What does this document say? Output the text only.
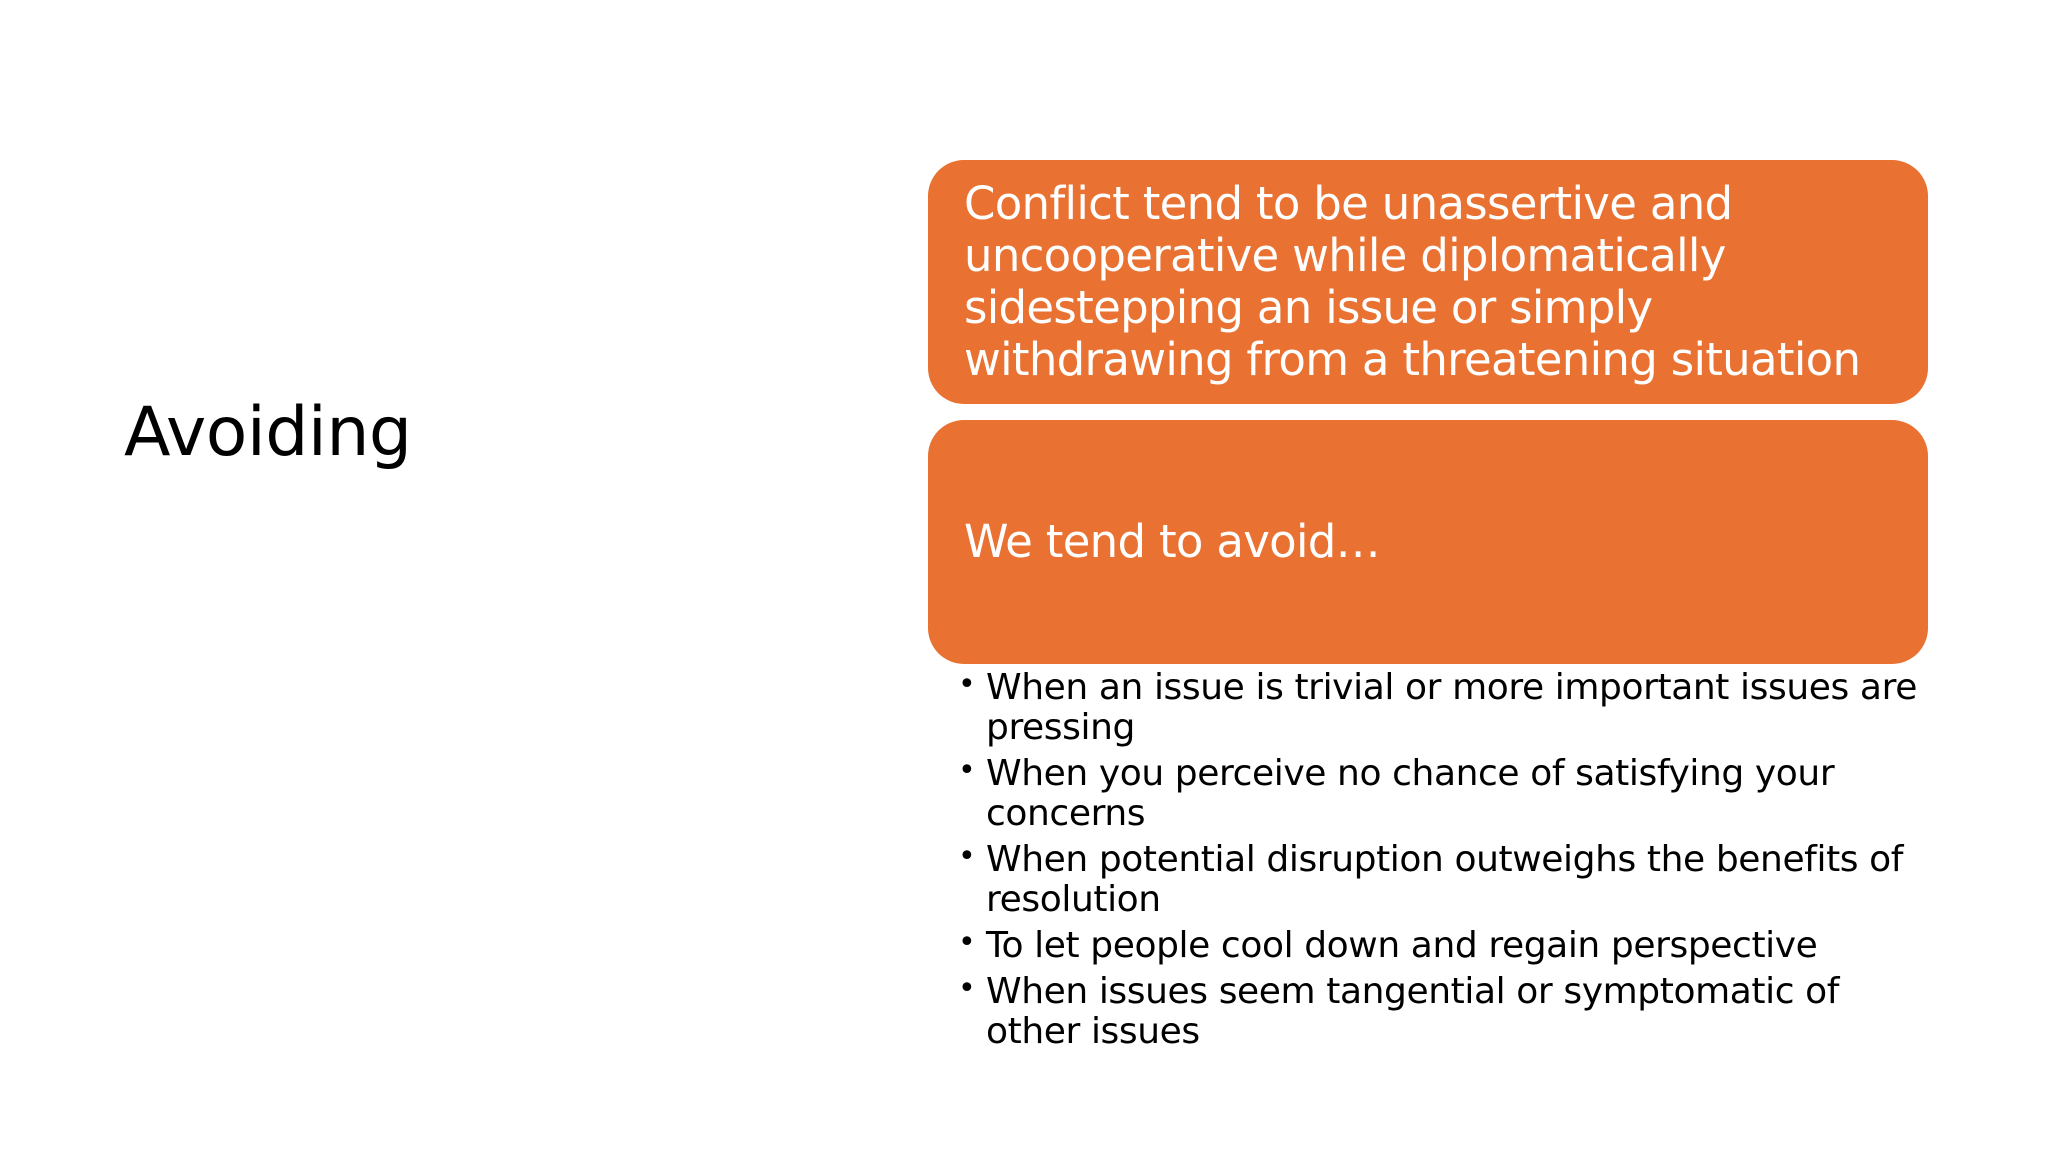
Avoiding

Conflict tend to be unassertive and uncooperative while diplomatically sidestepping an issue or simply withdrawing from a threatening situation

We tend to avoid…

• When an issue is trivial or more important issues are pressing
• When you perceive no chance of satisfying your concerns
• When potential disruption outweighs the benefits of resolution
• To let people cool down and regain perspective
• When issues seem tangential or symptomatic of other issues
